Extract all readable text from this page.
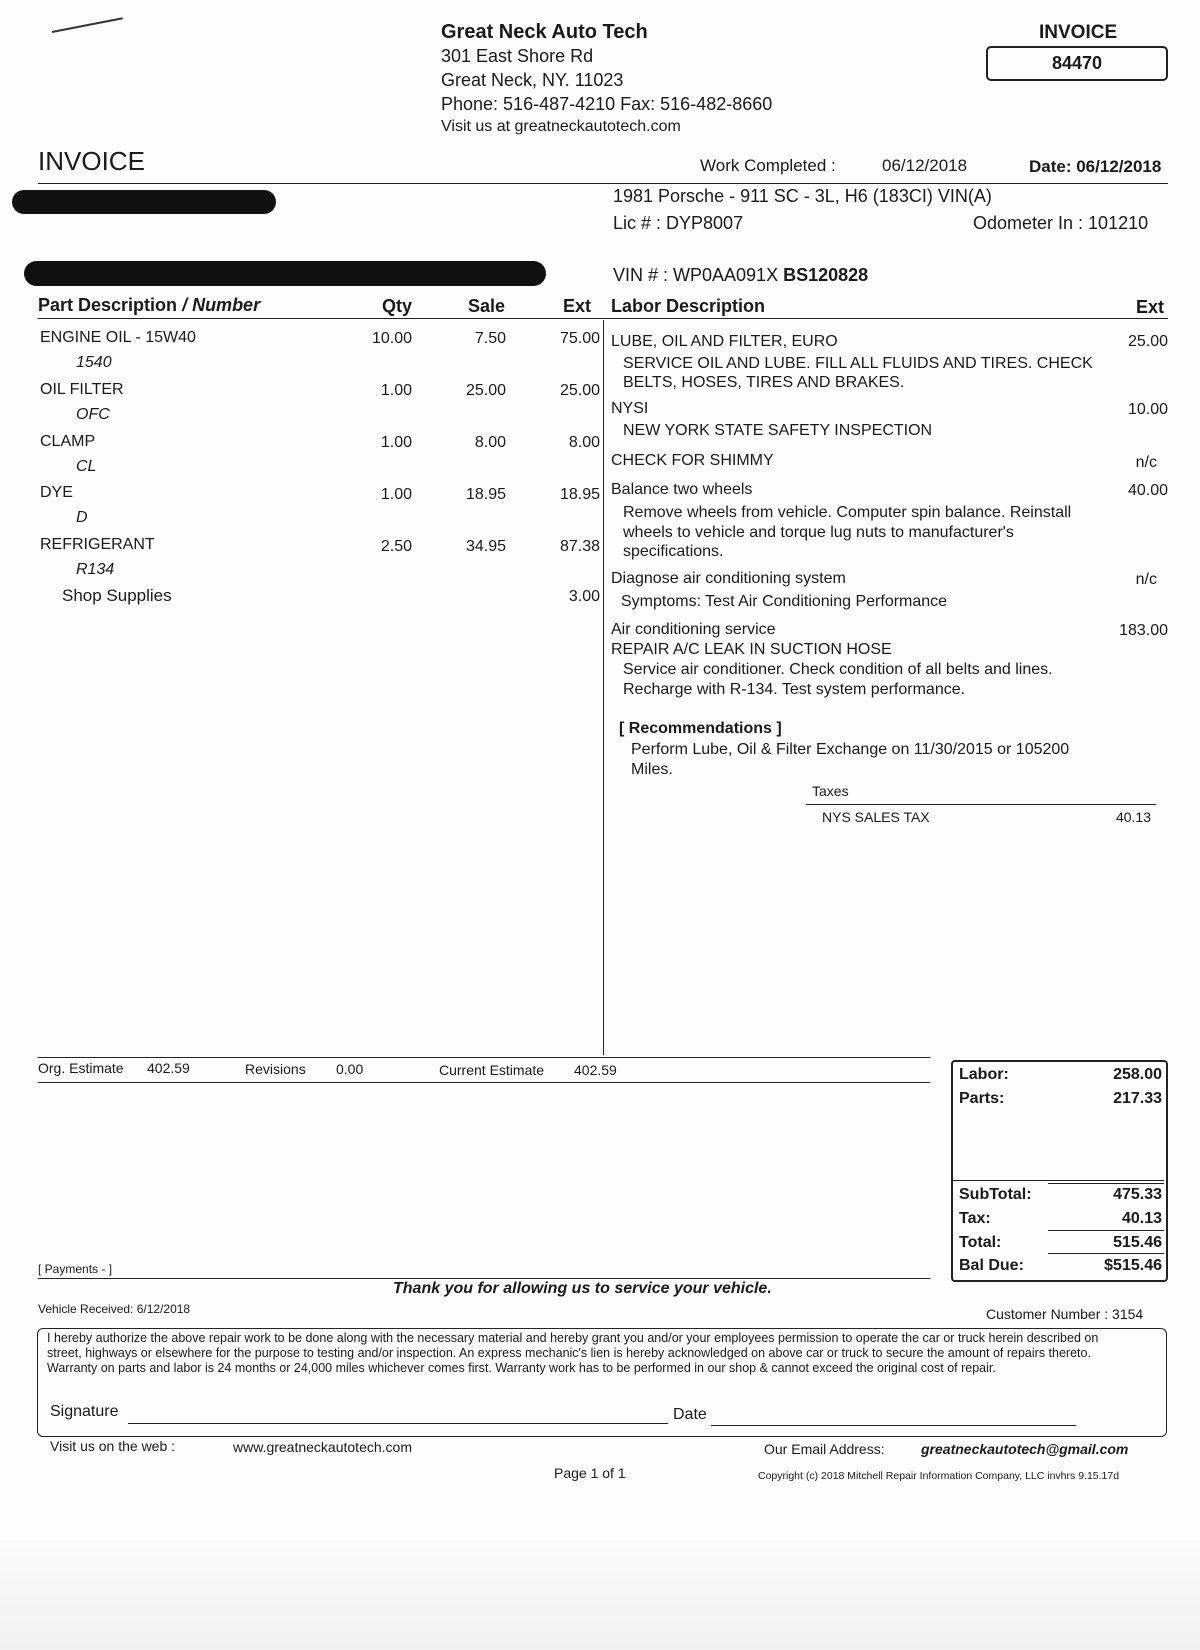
Great Neck Auto Tech
301 East Shore Rd
Great Neck, NY. 11023
Phone: 516-487-4210 Fax: 516-482-8660
Visit us at greatneckautotech.com
INVOICE
84470
INVOICE	Work Completed :	06/12/2018	Date: 06/12/2018
1981 Porsche - 911 SC - 3L, H6 (183CI) VIN(A)
Lic # : DYP8007	Odometer In : 101210
VIN # : WP0AA091X BS120828
Part Description / Number	Qty	Sale	Ext Labor Description	Ext
ENGINE OIL - 15W40
1540
10.00	7.50	75.00
OIL FILTER
OFC
1.00	25.00	25.00
CLAMP
CL
1.00	8.00	8.00
DYE
D
1.00	18.95	18.95
REFRIGERANT
R134
2.50	34.95	87.38
Shop Supplies	3.00
LUBE, OIL AND FILTER, EURO	25.00
SERVICE OIL AND LUBE. FILL ALL FLUIDS AND TIRES. CHECK
BELTS, HOSES, TIRES AND BRAKES.
NYSI	10.00
NEW YORK STATE SAFETY INSPECTION
CHECK FOR SHIMMY	n/c
Balance two wheels	40.00
Remove wheels from vehicle. Computer spin balance. Reinstall
wheels to vehicle and torque lug nuts to manufacturer's
specifications.
Diagnose air conditioning system	n/c
Symptoms: Test Air Conditioning Performance
Air conditioning service	183.00
REPAIR A/C LEAK IN SUCTION HOSE
Service air conditioner. Check condition of all belts and lines.
Recharge with R-134. Test system performance.
[ Recommendations ]
Perform Lube, Oil & Filter Exchange on 11/30/2015 or 105200
Miles.
Taxes
NYS SALES TAX	40.13
Org. Estimate 402.59	Revisions 0.00	Current Estimate 402.59	Labor:	258.00
Parts:	217.33
SubTotal:	475.33
Tax:	40.13
Total:	515.46
Bal Due:	$515.46
[ Payments - ]
Thank you for allowing us to service your vehicle.
Vehicle Received: 6/12/2018	Customer Number : 3154
I hereby authorize the above repair work to be done along with the necessary material and hereby grant you and/or your employees permission to operate the car or truck herein described on street, highways or elsewhere for the purpose to testing and/or inspection. An express mechanic's lien is hereby acknowledged on above car or truck to secure the amount of repairs thereto. Warranty on parts and labor is 24 months or 24,000 miles whichever comes first. Warranty work has to be performed in our shop & cannot exceed the original cost of repair.
Signature	Date
Visit us on the web :	www.greatneckautotech.com	Our Email Address:	greatneckautotech@gmail.com
Page 1 of 1	Copyright (c) 2018 Mitchell Repair Information Company, LLC invhrs 9.15.17d
